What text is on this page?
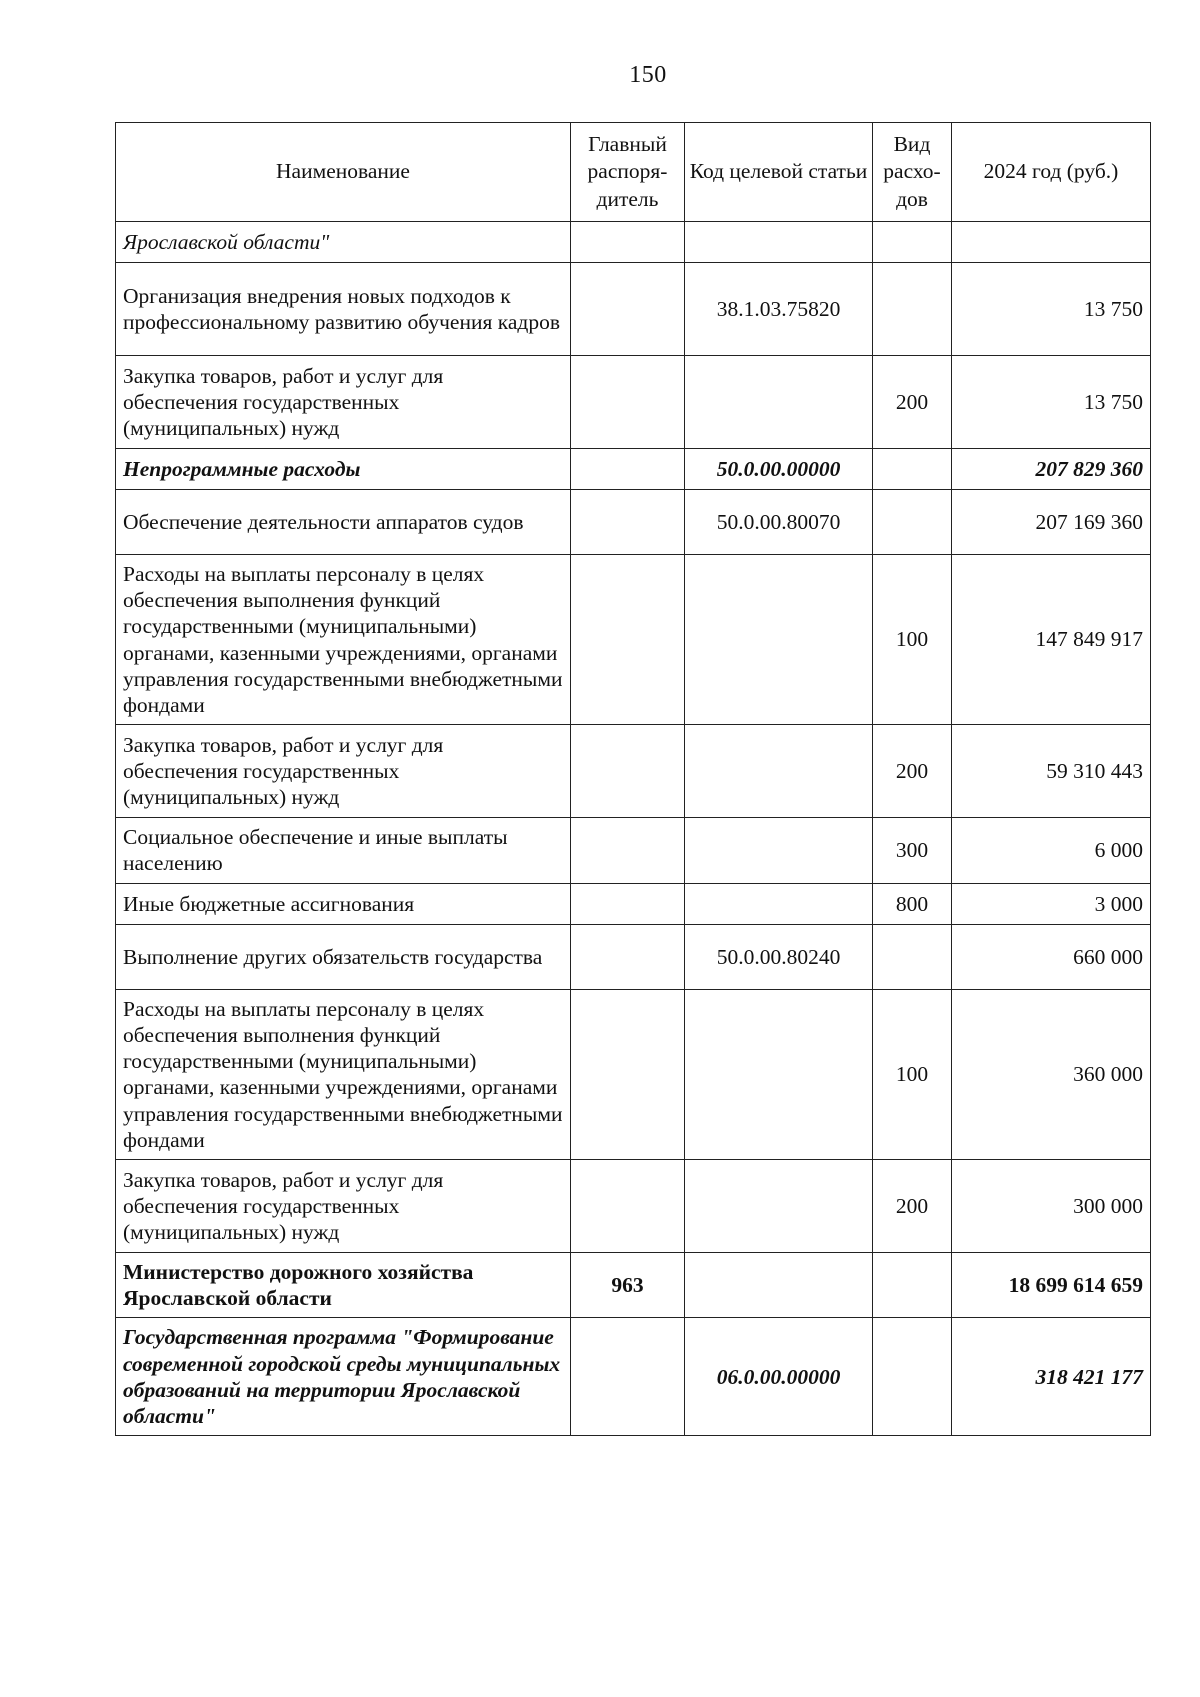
150
Наименование	Главный распоря-дитель	Код целевой статьи	Вид расхо-дов	2024 год (руб.)
Ярославской области"				
Организация внедрения новых подходов к профессиональному развитию обучения кадров		38.1.03.75820		13 750
Закупка товаров, работ и услуг для обеспечения государственных (муниципальных) нужд			200	13 750
Непрограммные расходы		50.0.00.00000		207 829 360
Обеспечение деятельности аппаратов судов		50.0.00.80070		207 169 360
Расходы на выплаты персоналу в целях обеспечения выполнения функций государственными (муниципальными) органами, казенными учреждениями, органами управления государственными внебюджетными фондами			100	147 849 917
Закупка товаров, работ и услуг для обеспечения государственных (муниципальных) нужд			200	59 310 443
Социальное обеспечение и иные выплаты населению			300	6 000
Иные бюджетные ассигнования			800	3 000
Выполнение других обязательств государства		50.0.00.80240		660 000
Расходы на выплаты персоналу в целях обеспечения выполнения функций государственными (муниципальными) органами, казенными учреждениями, органами управления государственными внебюджетными фондами			100	360 000
Закупка товаров, работ и услуг для обеспечения государственных (муниципальных) нужд			200	300 000
Министерство дорожного хозяйства Ярославской области	963			18 699 614 659
Государственная программа "Формирование современной городской среды муниципальных образований на территории Ярославской области"		06.0.00.00000		318 421 177
